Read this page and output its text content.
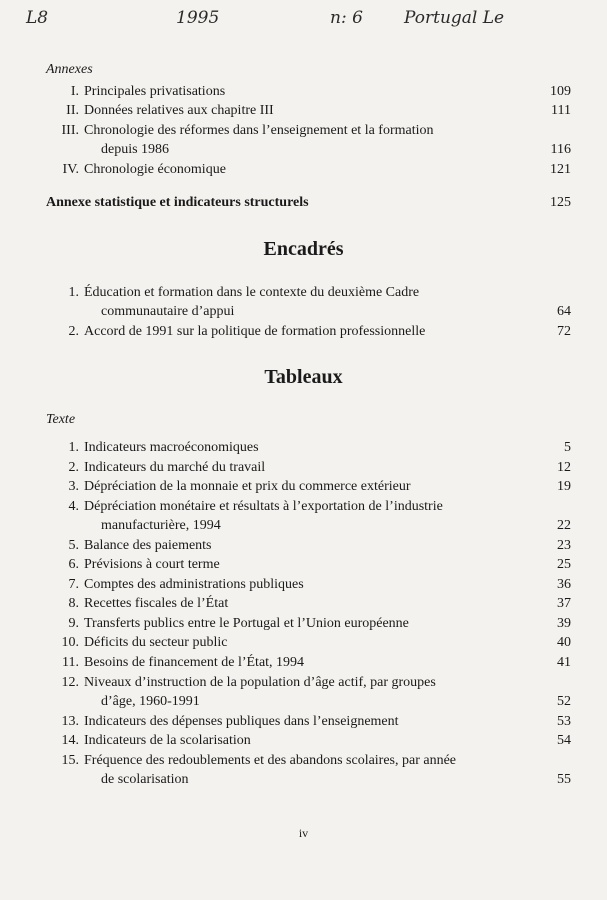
L8	1995	n: 6 Portugal Le
Annexes
I. Principales privatisations	109
II. Données relatives aux chapitre III	111
III. Chronologie des réformes dans l’enseignement et la formation
depuis 1986	116
IV. Chronologie économique	121
Annexe statistique et indicateurs structurels	125
Encadrés
1. Éducation et formation dans le contexte du deuxième Cadre
communautaire d’appui	64
2. Accord de 1991 sur la politique de formation professionnelle	72
Tableaux
Texte
1. Indicateurs macroéconomiques	5
2. Indicateurs du marché du travail	12
3. Dépréciation de la monnaie et prix du commerce extérieur	19
4. Dépréciation monétaire et résultats à l’exportation de l’industrie
manufacturière, 1994	22
5. Balance des paiements	23
6. Prévisions à court terme	25
7. Comptes des administrations publiques	36
8. Recettes fiscales de l’État	37
9. Transferts publics entre le Portugal et l’Union européenne	39
10. Déficits du secteur public	40
11. Besoins de financement de l’État, 1994	41
12. Niveaux d’instruction de la population d’âge actif, par groupes
d’âge, 1960-1991	52
13. Indicateurs des dépenses publiques dans l’enseignement	53
14. Indicateurs de la scolarisation	54
15. Fréquence des redoublements et des abandons scolaires, par année
de scolarisation	55
iv
